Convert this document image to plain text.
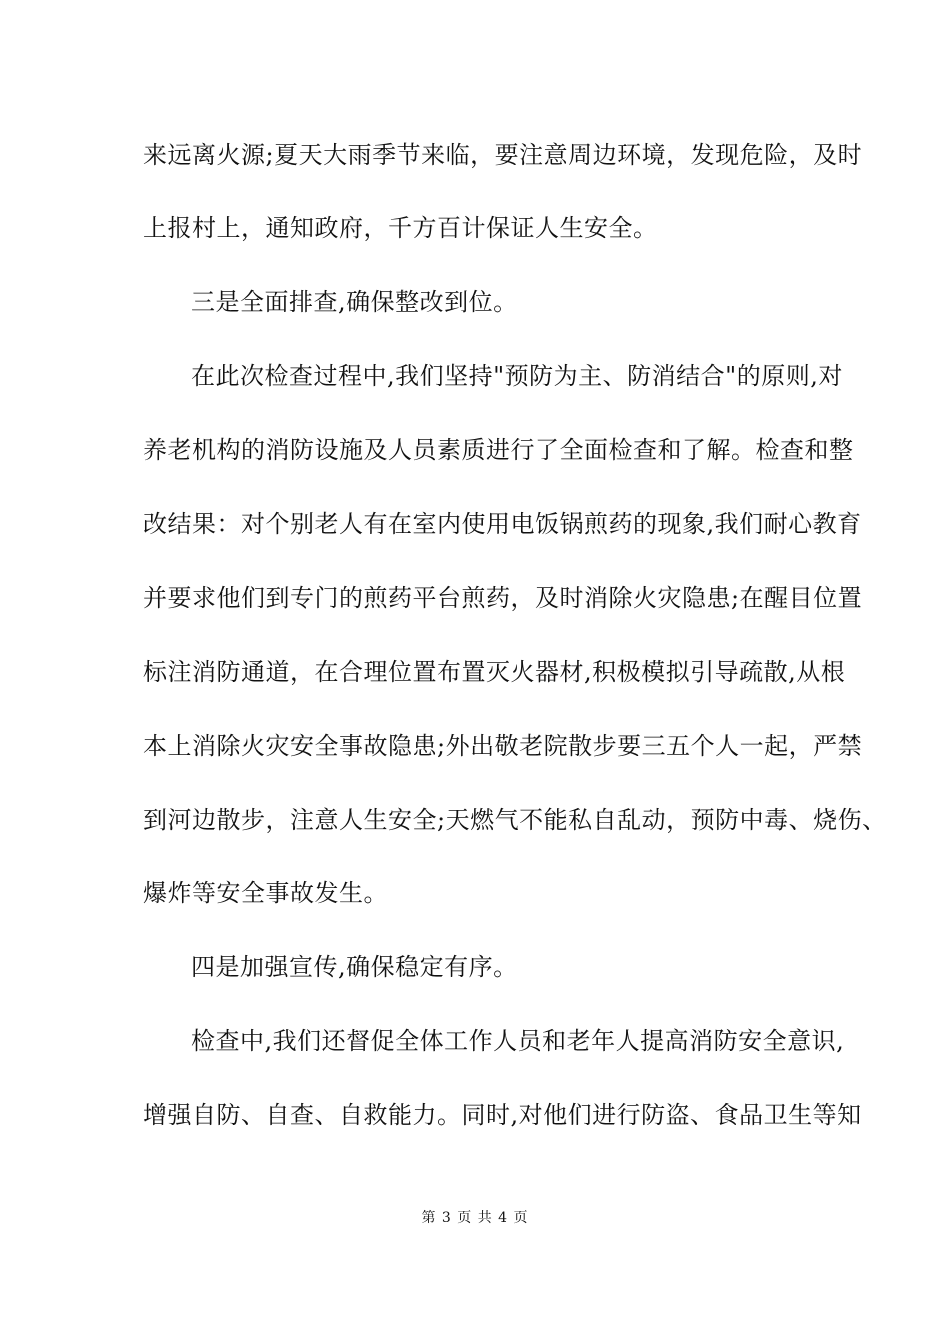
来远离火源;夏天大雨季节来临，要注意周边环境，发现危险，及时
上报村上，通知政府，千方百计保证人生安全。
三是全面排查,确保整改到位。
在此次检查过程中,我们坚持"预防为主、防消结合"的原则,对
养老机构的消防设施及人员素质进行了全面检查和了解。检查和整
改结果：对个别老人有在室内使用电饭锅煎药的现象,我们耐心教育
并要求他们到专门的煎药平台煎药，及时消除火灾隐患;在醒目位置
标注消防通道，在合理位置布置灭火器材,积极模拟引导疏散,从根
本上消除火灾安全事故隐患;外出敬老院散步要三五个人一起，严禁
到河边散步，注意人生安全;天燃气不能私自乱动，预防中毒、烧伤、
爆炸等安全事故发生。
四是加强宣传,确保稳定有序。
检查中,我们还督促全体工作人员和老年人提高消防安全意识,
增强自防、自查、自救能力。同时,对他们进行防盗、食品卫生等知
第 3 页 共 4 页
